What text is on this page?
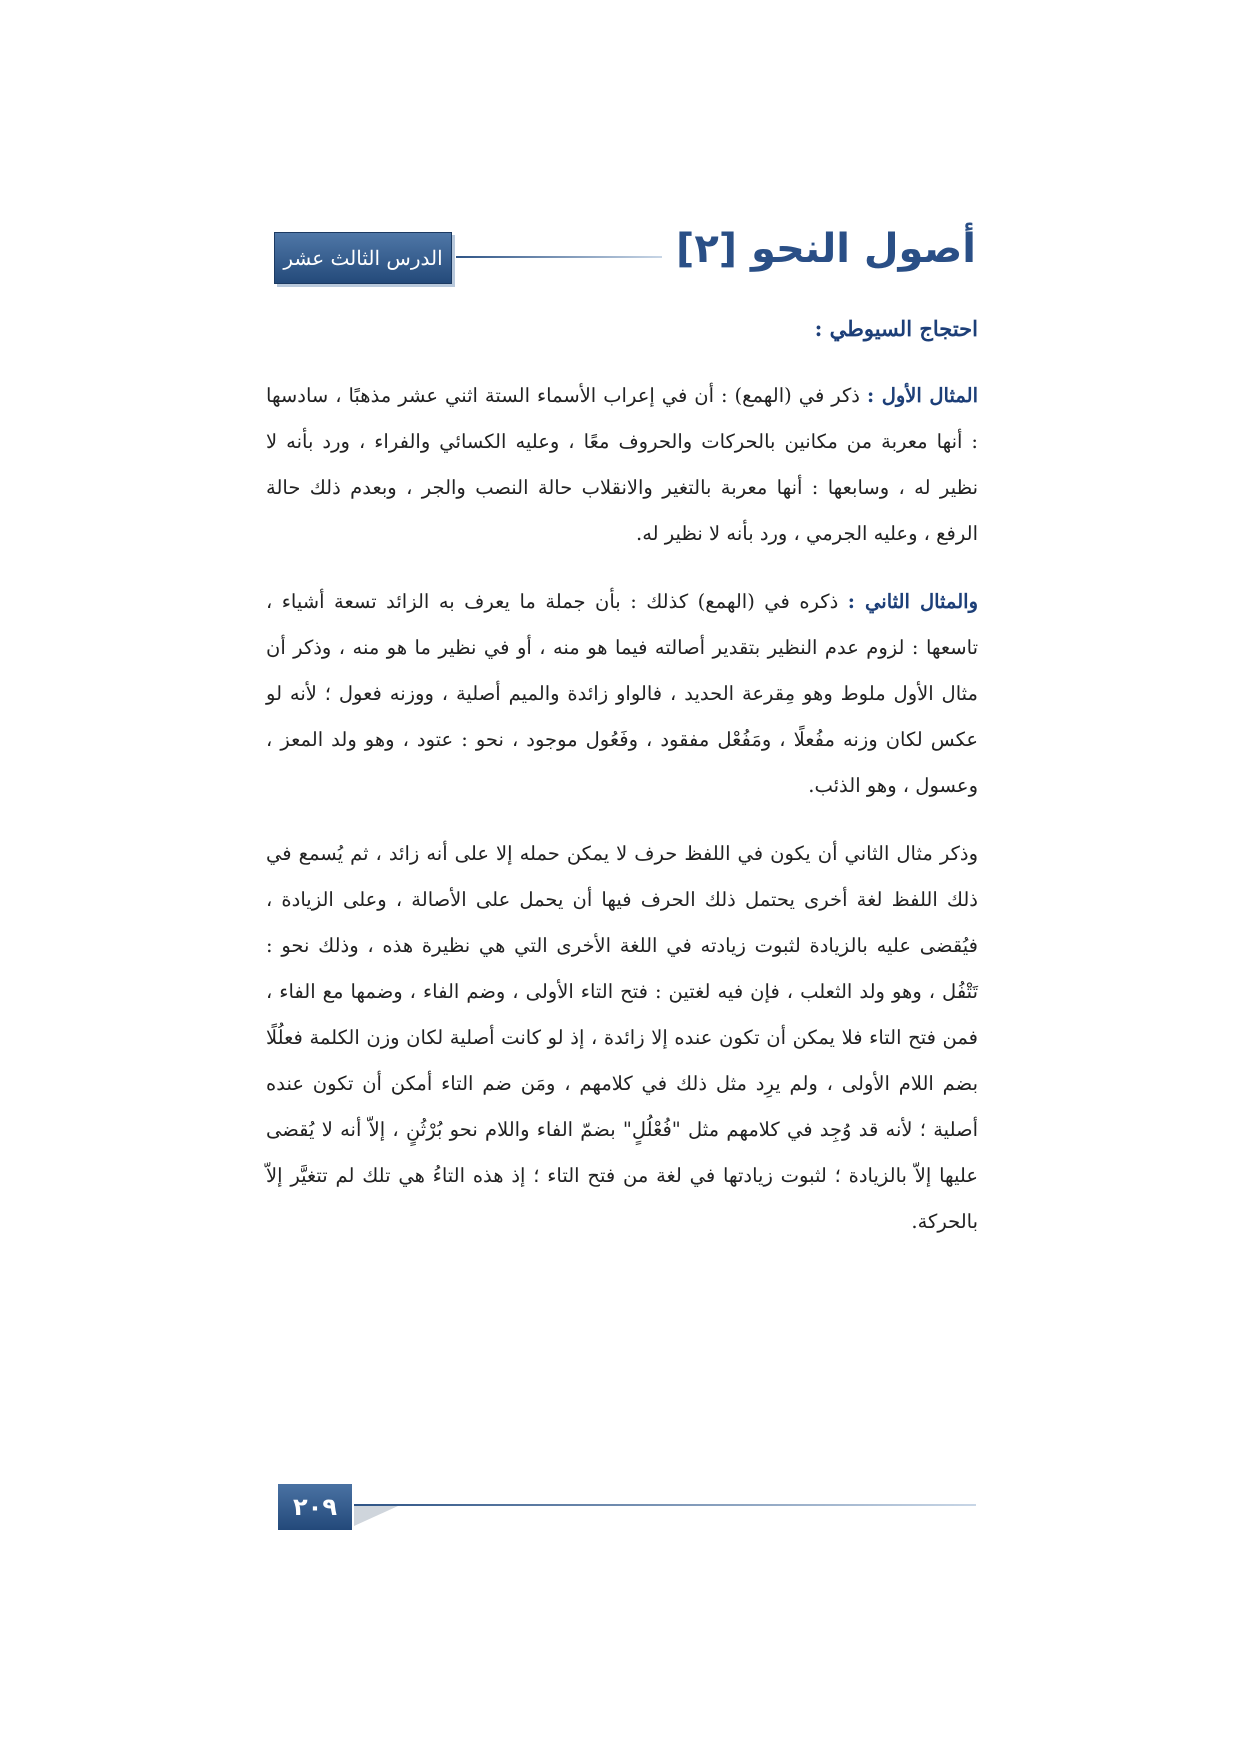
الدرس الثالث عشر	أصول النحو [٢]
احتجاج السيوطي :

المثال الأول : ذكر في (الهمع) : أن في إعراب الأسماء الستة اثني عشر مذهبًا ، سادسها : أنها معربة من مكانين بالحركات والحروف معًا ، وعليه الكسائي والفراء ، ورد بأنه لا نظير له ، وسابعها : أنها معربة بالتغير والانقلاب حالة النصب والجر ، وبعدم ذلك حالة الرفع ، وعليه الجرمي ، ورد بأنه لا نظير له.

والمثال الثاني : ذكره في (الهمع) كذلك : بأن جملة ما يعرف به الزائد تسعة أشياء ، تاسعها : لزوم عدم النظير بتقدير أصالته فيما هو منه ، أو في نظير ما هو منه ، وذكر أن مثال الأول ملوط وهو مِقرعة الحديد ، فالواو زائدة والميم أصلية ، ووزنه فعول ؛ لأنه لو عكس لكان وزنه مفُعلًا ، ومَفُعْل مفقود ، وفَعُول موجود ، نحو : عتود ، وهو ولد المعز ، وعسول ، وهو الذئب.

وذكر مثال الثاني أن يكون في اللفظ حرف لا يمكن حمله إلا على أنه زائد ، ثم يُسمع في ذلك اللفظ لغة أخرى يحتمل ذلك الحرف فيها أن يحمل على الأصالة ، وعلى الزيادة ، فيُقضى عليه بالزيادة لثبوت زيادته في اللغة الأخرى التي هي نظيرة هذه ، وذلك نحو : تَتْفُل ، وهو ولد الثعلب ، فإن فيه لغتين : فتح التاء الأولى ، وضم الفاء ، وضمها مع الفاء ، فمن فتح التاء فلا يمكن أن تكون عنده إلا زائدة ، إذ لو كانت أصلية لكان وزن الكلمة فعلُلًا بضم اللام الأولى ، ولم يرِد مثل ذلك في كلامهم ، ومَن ضم التاء أمكن أن تكون عنده أصلية ؛ لأنه قد وُجِد في كلامهم مثل "فُعْلُلٍ" بضمّ الفاء واللام نحو بُرْثُنٍ ، إلاّ أنه لا يُقضى عليها إلاّ بالزيادة ؛ لثبوت زيادتها في لغة من فتح التاء ؛ إذ هذه التاءُ هي تلك لم تتغيَّر إلاّ بالحركة.

٢٠٩
